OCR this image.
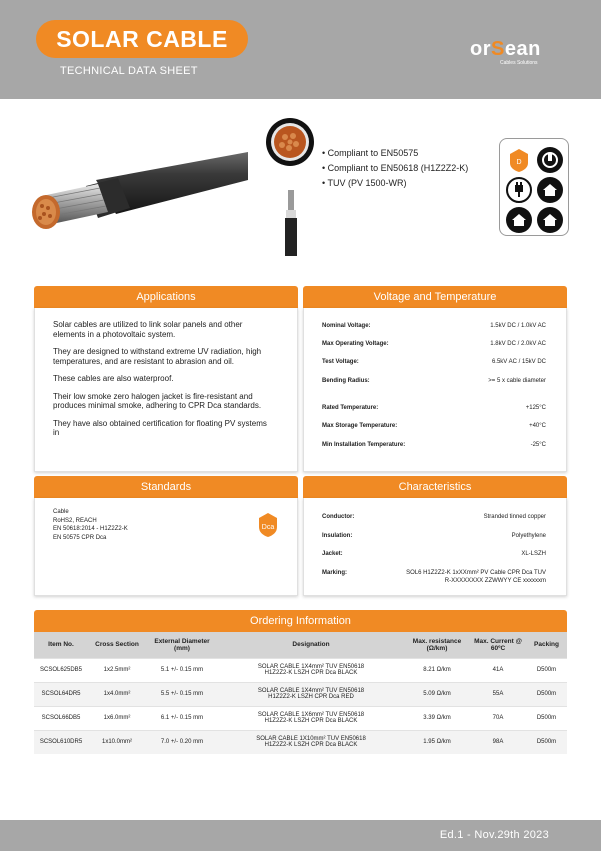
SOLAR CABLE
TECHNICAL DATA SHEET
orSean
Cables Solutions
• Compliant to EN50575
• Compliant to EN50618 (H1Z2Z2-K)
• TUV (PV 1500-WR)
D
Applications

Solar cables are utilized to link solar panels and other elements in a photovoltaic system.

They are designed to withstand extreme UV radiation, high temperatures, and are resistant to abrasion and oil.

These cables are also waterproof.

Their low smoke zero halogen jacket is fire-resistant and produces minimal smoke, adhering to CPR Dca standards.

They have also obtained certification for floating PV systems in

Voltage and Temperature
Nominal Voltage:	1.5kV DC / 1.0kV AC
Max Operating Voltage:	1.8kV DC / 2.0kV AC
Test Voltage:	6.5kV AC / 15kV DC
Bending Radius:	>= 5 x cable diameter
Rated Temperature:	+125°C
Max Storage Temperature:	+40°C
Min Installation Temperature:	-25°C
Standards
Cable
RoHS2, REACH
EN 50618:2014 - H1Z2Z2-K
EN 50575 CPR Dca
Dca
Characteristics
Conductor:	Stranded tinned copper
Insulation:	Polyethylene
Jacket:	XL-LSZH
Marking:	SOL6 H1Z2Z2-K 1xXXmm² PV Cable CPR Dca TUV
R-XXXXXXXX ZZWWYY CE xxxxxxm
Ordering Information
Item No.	Cross Section	External Diameter (mm)	Designation	Max. resistance (Ω/km)	Max. Current @ 60ºC	Packing
SCSOL625DB5	1x2.5mm²	5.1 +/- 0.15 mm	SOLAR CABLE 1X4mm² TUV EN50618
H1Z2Z2-K LSZH CPR Dca BLACK	8.21 Ω/km	41A	D500m
SCSOL64DR5	1x4.0mm²	5.5 +/- 0.15 mm	SOLAR CABLE 1X4mm² TUV EN50618
H1Z2Z2-K LSZH CPR Dca RED	5.09 Ω/km	55A	D500m
SCSOL66DB5	1x6.0mm²	6.1 +/- 0.15 mm	SOLAR CABLE 1X6mm² TUV EN50618
H1Z2Z2-K LSZH CPR Dca BLACK	3.39 Ω/km	70A	D500m
SCSOL610DR5	1x10.0mm²	7.0 +/- 0.20 mm	SOLAR CABLE 1X10mm² TUV EN50618
H1Z2Z2-K LSZH CPR Dca BLACK	1.95 Ω/km	98A	D500m
Ed.1 - Nov.29th 2023
